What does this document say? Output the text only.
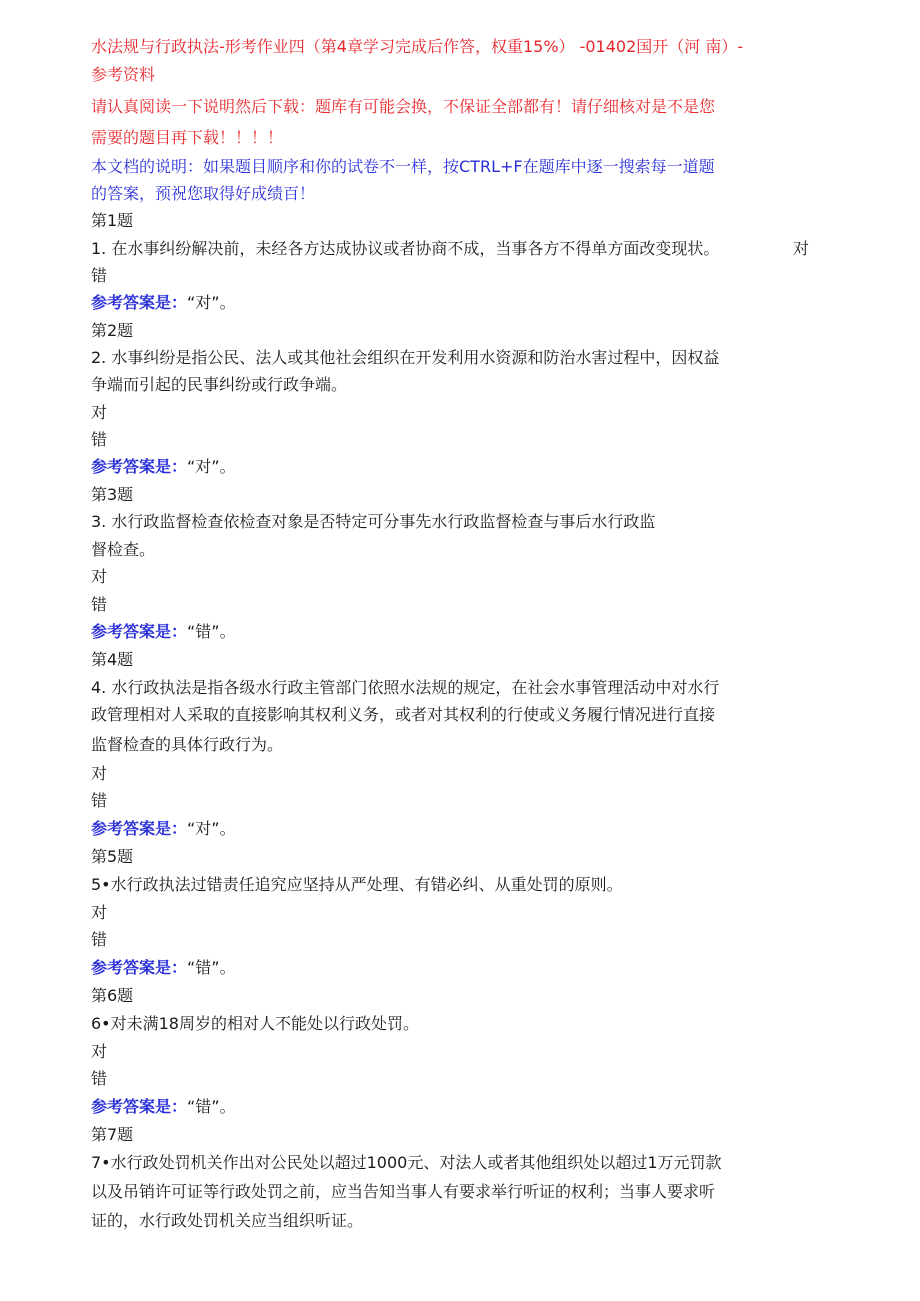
水法规与行政执法-形考作业四（第4章学习完成后作答，权重15%） -01402国开（河 南）-
参考资料
请认真阅读一下说明然后下载：题库有可能会换，不保证全部都有！请仔细核对是不是您
需要的题目再下载！！！！
本文档的说明：如果题目顺序和你的试卷不一样，按CTRL+F在题库中逐一搜索每一道题
的答案，预祝您取得好成绩百！
第1题
1. 在水事纠纷解决前，未经各方达成协议或者协商不成，当事各方不得单方面改变现状。	对
错
参考答案是：“对”。
第2题
2. 水事纠纷是指公民、法人或其他社会组织在开发利用水资源和防治水害过程中，因权益
争端而引起的民事纠纷或行政争端。
对
错
参考答案是：“对”。
第3题
3. 水行政监督检查依检查对象是否特定可分事先水行政监督检查与事后水行政监
督检查。
对
错
参考答案是：“错”。
第4题
4. 水行政执法是指各级水行政主管部门依照水法规的规定，在社会水事管理活动中对水行
政管理相对人采取的直接影响其权利义务，或者对其权利的行使或义务履行情况进行直接
监督检查的具体行政行为。
对
错
参考答案是：“对”。
第5题
5•水行政执法过错责任追究应坚持从严处理、有错必纠、从重处罚的原则。
对
错
参考答案是：“错”。
第6题
6•对未满18周岁的相对人不能处以行政处罚。
对
错
参考答案是：“错”。
第7题
7•水行政处罚机关作出对公民处以超过1000元、对法人或者其他组织处以超过1万元罚款
以及吊销许可证等行政处罚之前，应当告知当事人有要求举行听证的权利；当事人要求听
证的，水行政处罚机关应当组织听证。
